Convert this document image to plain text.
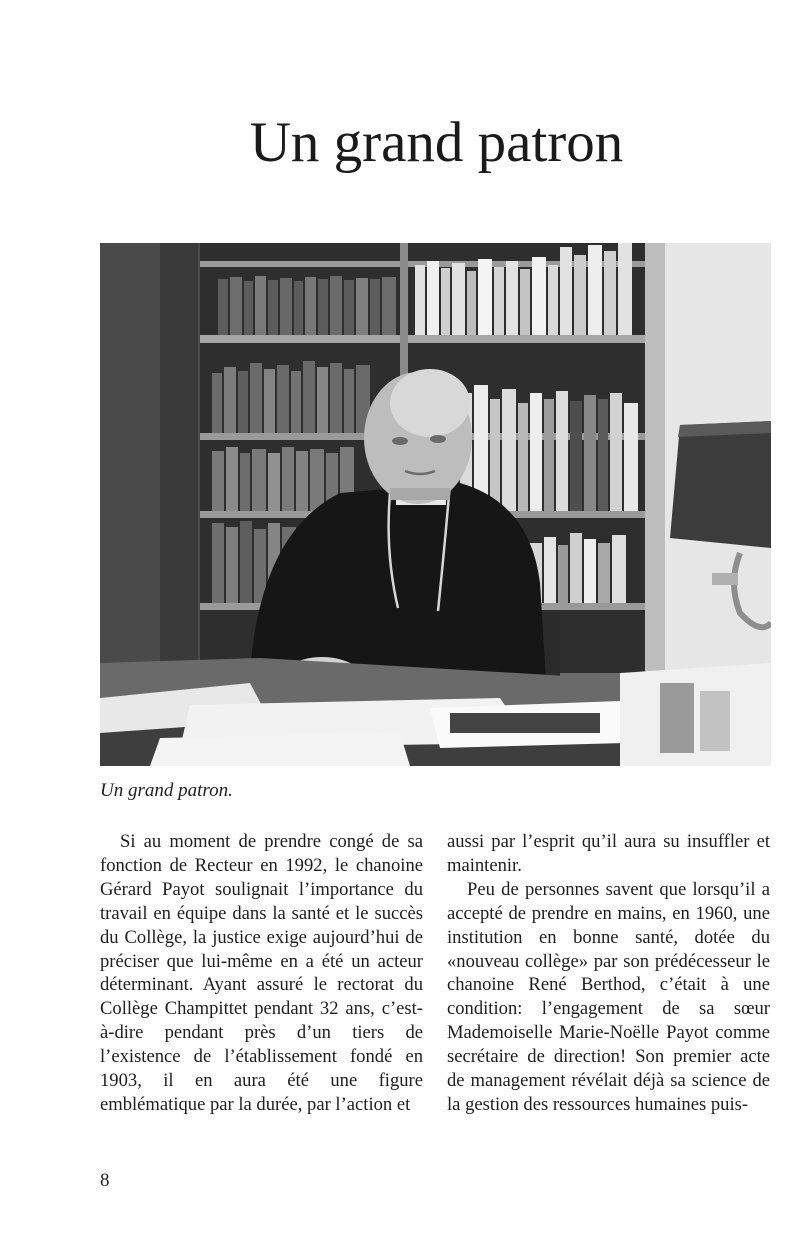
Un grand patron
Un grand patron.

Si au moment de prendre congé de sa fonction de Recteur en 1992, le chanoine Gérard Payot soulignait l’importance du travail en équipe dans la santé et le succès du Collège, la justice exige aujourd’hui de préciser que lui-même en a été un acteur déterminant. Ayant assuré le rectorat du Collège Champittet pendant 32 ans, c’est-à-dire pendant près d’un tiers de l’existence de l’établissement fondé en 1903, il en aura été une figure emblématique par la durée, par l’action et

aussi par l’esprit qu’il aura su insuffler et maintenir.

Peu de personnes savent que lorsqu’il a accepté de prendre en mains, en 1960, une institution en bonne santé, dotée du «nouveau collège» par son prédécesseur le chanoine René Berthod, c’était à une condition: l’engagement de sa sœur Mademoiselle Marie-Noëlle Payot comme secrétaire de direction! Son premier acte de management révélait déjà sa science de la gestion des ressources humaines puis-

8
